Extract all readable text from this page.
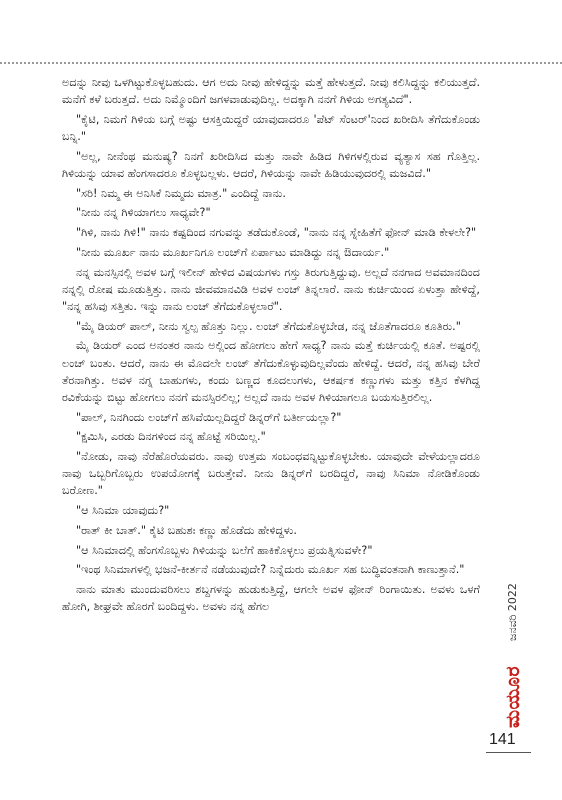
ಅದನ್ನು ನೀವು ಒಳಗಿಟ್ಟುಕೊಳ್ಳಬಹುದು. ಆಗ ಅದು ನೀವು ಹೇಳಿದ್ದನ್ನು ಮತ್ತೆ ಹೇಳುತ್ತದೆ. ನೀವು ಕಲಿಸಿದ್ದನ್ನು ಕಲಿಯುತ್ತದೆ. ಮನೆಗೆ ಕಳೆ ಬರುತ್ತದೆ. ಅದು ನಿಮ್ಮೊಂದಿಗೆ ಜಗಳವಾಡುವುದಿಲ್ಲ. ಅದಕ್ಕಾಗಿ ನನಗೆ ಗಿಳಿಯ ಅಗತ್ಯವಿದೆ".

"ಕೈಟಿ, ನಿಮಗೆ ಗಿಳಿಯ ಬಗ್ಗೆ ಅಷ್ಟು ಆಸಕ್ತಿಯಿದ್ದರೆ ಯಾವುದಾದರೂ 'ಪೆಟ್ ಸೆಂಟರ್'ನಿಂದ ಖರೀದಿಸಿ ತೆಗೆದುಕೊಂಡು ಬನ್ನಿ."

"ಅಲ್ಲ, ನೀನೆಂಥ ಮನುಷ್ಯ? ನಿನಗೆ ಖರೀದಿಸಿದ ಮತ್ತು ನಾವೇ ಹಿಡಿದ ಗಿಳಿಗಳಲ್ಲಿರುವ ವ್ಯತ್ಯಾಸ ಸಹ ಗೊತ್ತಿಲ್ಲ. ಗಿಳಿಯನ್ನು ಯಾವ ಹೆಂಗಸಾದರೂ ಕೊಳ್ಳಬಲ್ಲಳು. ಆದರೆ, ಗಿಳಿಯನ್ನು ನಾವೇ ಹಿಡಿಯುವುದರಲ್ಲಿ ಮಜವಿದೆ."

"ಸರಿ! ನಿಮ್ಮ ಈ ಅನಿಸಿಕೆ ನಿಮ್ಮದು ಮಾತ್ರ." ಎಂದಿದ್ದೆ ನಾನು.

"ನೀನು ನನ್ನ ಗಿಳಿಯಾಗಲು ಸಾಧ್ಯವೇ?"

"ಗಿಳಿ, ನಾನು ಗಿಳಿ!" ನಾನು ಕಷ್ಟದಿಂದ ನಗುವನ್ನು ತಡೆದುಕೊಂಡೆ, "ನಾನು ನನ್ನ ಸ್ನೇಹಿತೆಗೆ ಫೋನ್ ಮಾಡಿ ಕೇಳಲೇ?"

"ನೀನು ಮೂರ್ಖ ನಾನು ಮೂರ್ಖನಿಗೂ ಲಂಚ್‌ಗೆ ಏರ್ಪಾಟು ಮಾಡಿದ್ದು ನನ್ನ ಔದಾರ್ಯ."

ನನ್ನ ಮನಸ್ಸಿನಲ್ಲಿ ಅವಳ ಬಗ್ಗೆ ಇಲೀನ್ ಹೇಳಿದ ವಿಷಯಗಳು ಗಸ್ತು ತಿರುಗುತ್ತಿದ್ದುವು. ಅಲ್ಲದೆ ನನಗಾದ ಅವಮಾನದಿಂದ ನನ್ನಲ್ಲಿ ರೋಷ ಮೂಡುತ್ತಿತ್ತು. ನಾನು ಜೀವಮಾನವಿಡಿ ಅವಳ ಲಂಚ್ ತಿನ್ನಲಾರೆ. ನಾನು ಕುರ್ಚಿಯಿಂದ ಏಳುತ್ತಾ ಹೇಳಿದ್ದೆ, "ನನ್ನ ಹಸಿವು ಸತ್ತಿತು. ಇನ್ನು ನಾನು ಲಂಚ್ ತೆಗೆದುಕೊಳ್ಳಲಾರೆ".

"ಮೈ ಡಿಯರ್ ಪಾಲ್, ನೀನು ಸ್ವಲ್ಪ ಹೊತ್ತು ನಿಲ್ಲು. ಲಂಚ್ ತೆಗೆದುಕೊಳ್ಳಬೇಡ, ನನ್ನ ಜೊತೆಗಾದರೂ ಕೂತಿರು."

ಮೈ ಡಿಯರ್ ಎಂದ ಅನಂತರ ನಾನು ಅಲ್ಲಿಂದ ಹೋಗಲು ಹೇಗೆ ಸಾಧ್ಯ? ನಾನು ಮತ್ತೆ ಕುರ್ಚಿಯಲ್ಲಿ ಕೂತೆ. ಅಷ್ಟರಲ್ಲಿ ಲಂಚ್ ಬಂತು. ಆದರೆ, ನಾನು ಈ ಮೊದಲೇ ಲಂಚ್ ತೆಗೆದುಕೊಳ್ಳುವುದಿಲ್ಲವೆಂದು ಹೇಳಿದ್ದೆ. ಆದರೆ, ನನ್ನ ಹಸಿವು ಬೇರೆ ತೆರನಾಗಿತ್ತು. ಅವಳ ನಗ್ನ ಬಾಹುಗಳು, ಕಂದು ಬಣ್ಣದ ಕೂದಲುಗಳು, ಆಕರ್ಷಕ ಕಣ್ಣುಗಳು ಮತ್ತು ಕತ್ತಿನ ಕೆಳಗಿದ್ದ ರವಿಕೆಯನ್ನು ಬಿಟ್ಟು ಹೋಗಲು ನನಗೆ ಮನಸ್ಸಿರಲಿಲ್ಲ; ಅಲ್ಲದೆ ನಾನು ಅವಳ ಗಿಳಿಯಾಗಲೂ ಬಯಸುತ್ತಿರಲಿಲ್ಲ.

"ಪಾಲ್, ನಿನಗಿಂದು ಲಂಚ್‌ಗೆ ಹಸಿವೆಯಿಲ್ಲದಿದ್ದರೆ ಡಿನ್ನರ್‌ಗೆ ಬರ್ತೀಯಲ್ಲಾ?"

"ಕ್ಷಮಿಸಿ, ಎರಡು ದಿನಗಳಿಂದ ನನ್ನ ಹೊಟ್ಟೆ ಸರಿಯಿಲ್ಲ."

"ನೋಡು, ನಾವು ನೆರೆಹೊರೆಯವರು. ನಾವು ಉತ್ತಮ ಸಂಬಂಧವನ್ನಿಟ್ಟುಕೊಳ್ಳಬೇಕು. ಯಾವುದೇ ವೇಳೆಯಲ್ಲಾದರೂ ನಾವು ಒಬ್ಬರಿಗೊಬ್ಬರು ಉಪಯೋಗಕ್ಕೆ ಬರುತ್ತೇವೆ. ನೀನು ಡಿನ್ನರ್‌ಗೆ ಬರದಿದ್ದರೆ, ನಾವು ಸಿನಿಮಾ ನೋಡಿಕೊಂಡು ಬರೋಣ."

"ಆ ಸಿನಿಮಾ ಯಾವುದು?"

"ರಾತ್ ಕೀ ಬಾತ್." ಕೈಟಿ ಬಹುಶಃ ಕಣ್ಣು ಹೊಡೆದು ಹೇಳಿದ್ದಳು.

"ಆ ಸಿನಿಮಾದಲ್ಲಿ ಹೆಂಗಸೊಬ್ಬಳು ಗಿಳಿಯನ್ನು ಬಲೆಗೆ ಹಾಕಿಕೊಳ್ಳಲು ಪ್ರಯತ್ನಿಸುವಳೇ?"

"ಇಂಥ ಸಿನಿಮಾಗಳಲ್ಲಿ ಭಜನೆ-ಕೀರ್ತನೆ ನಡೆಯುವುದೇ? ನಿನ್ನೆದುರು ಮೂರ್ಖ ಸಹ ಬುದ್ಧಿವಂತನಾಗಿ ಕಾಣುತ್ತಾನೆ."

ನಾನು ಮಾತು ಮುಂದುವರಿಸಲು ಶಬ್ದಗಳನ್ನು ಹುಡುಕುತ್ತಿದ್ದೆ, ಆಗಲೇ ಅವಳ ಫೋನ್ ರಿಂಗಾಯಿತು. ಅವಳು ಒಳಗೆ ಹೋಗಿ, ಶೀಘ್ರವೇ ಹೊರಗೆ ಬಂದಿದ್ದಳು. ಅವಳು ನನ್ನ ಹೆಗಲ	ಜನವರಿ 2022
ಮಯೂರ
141
